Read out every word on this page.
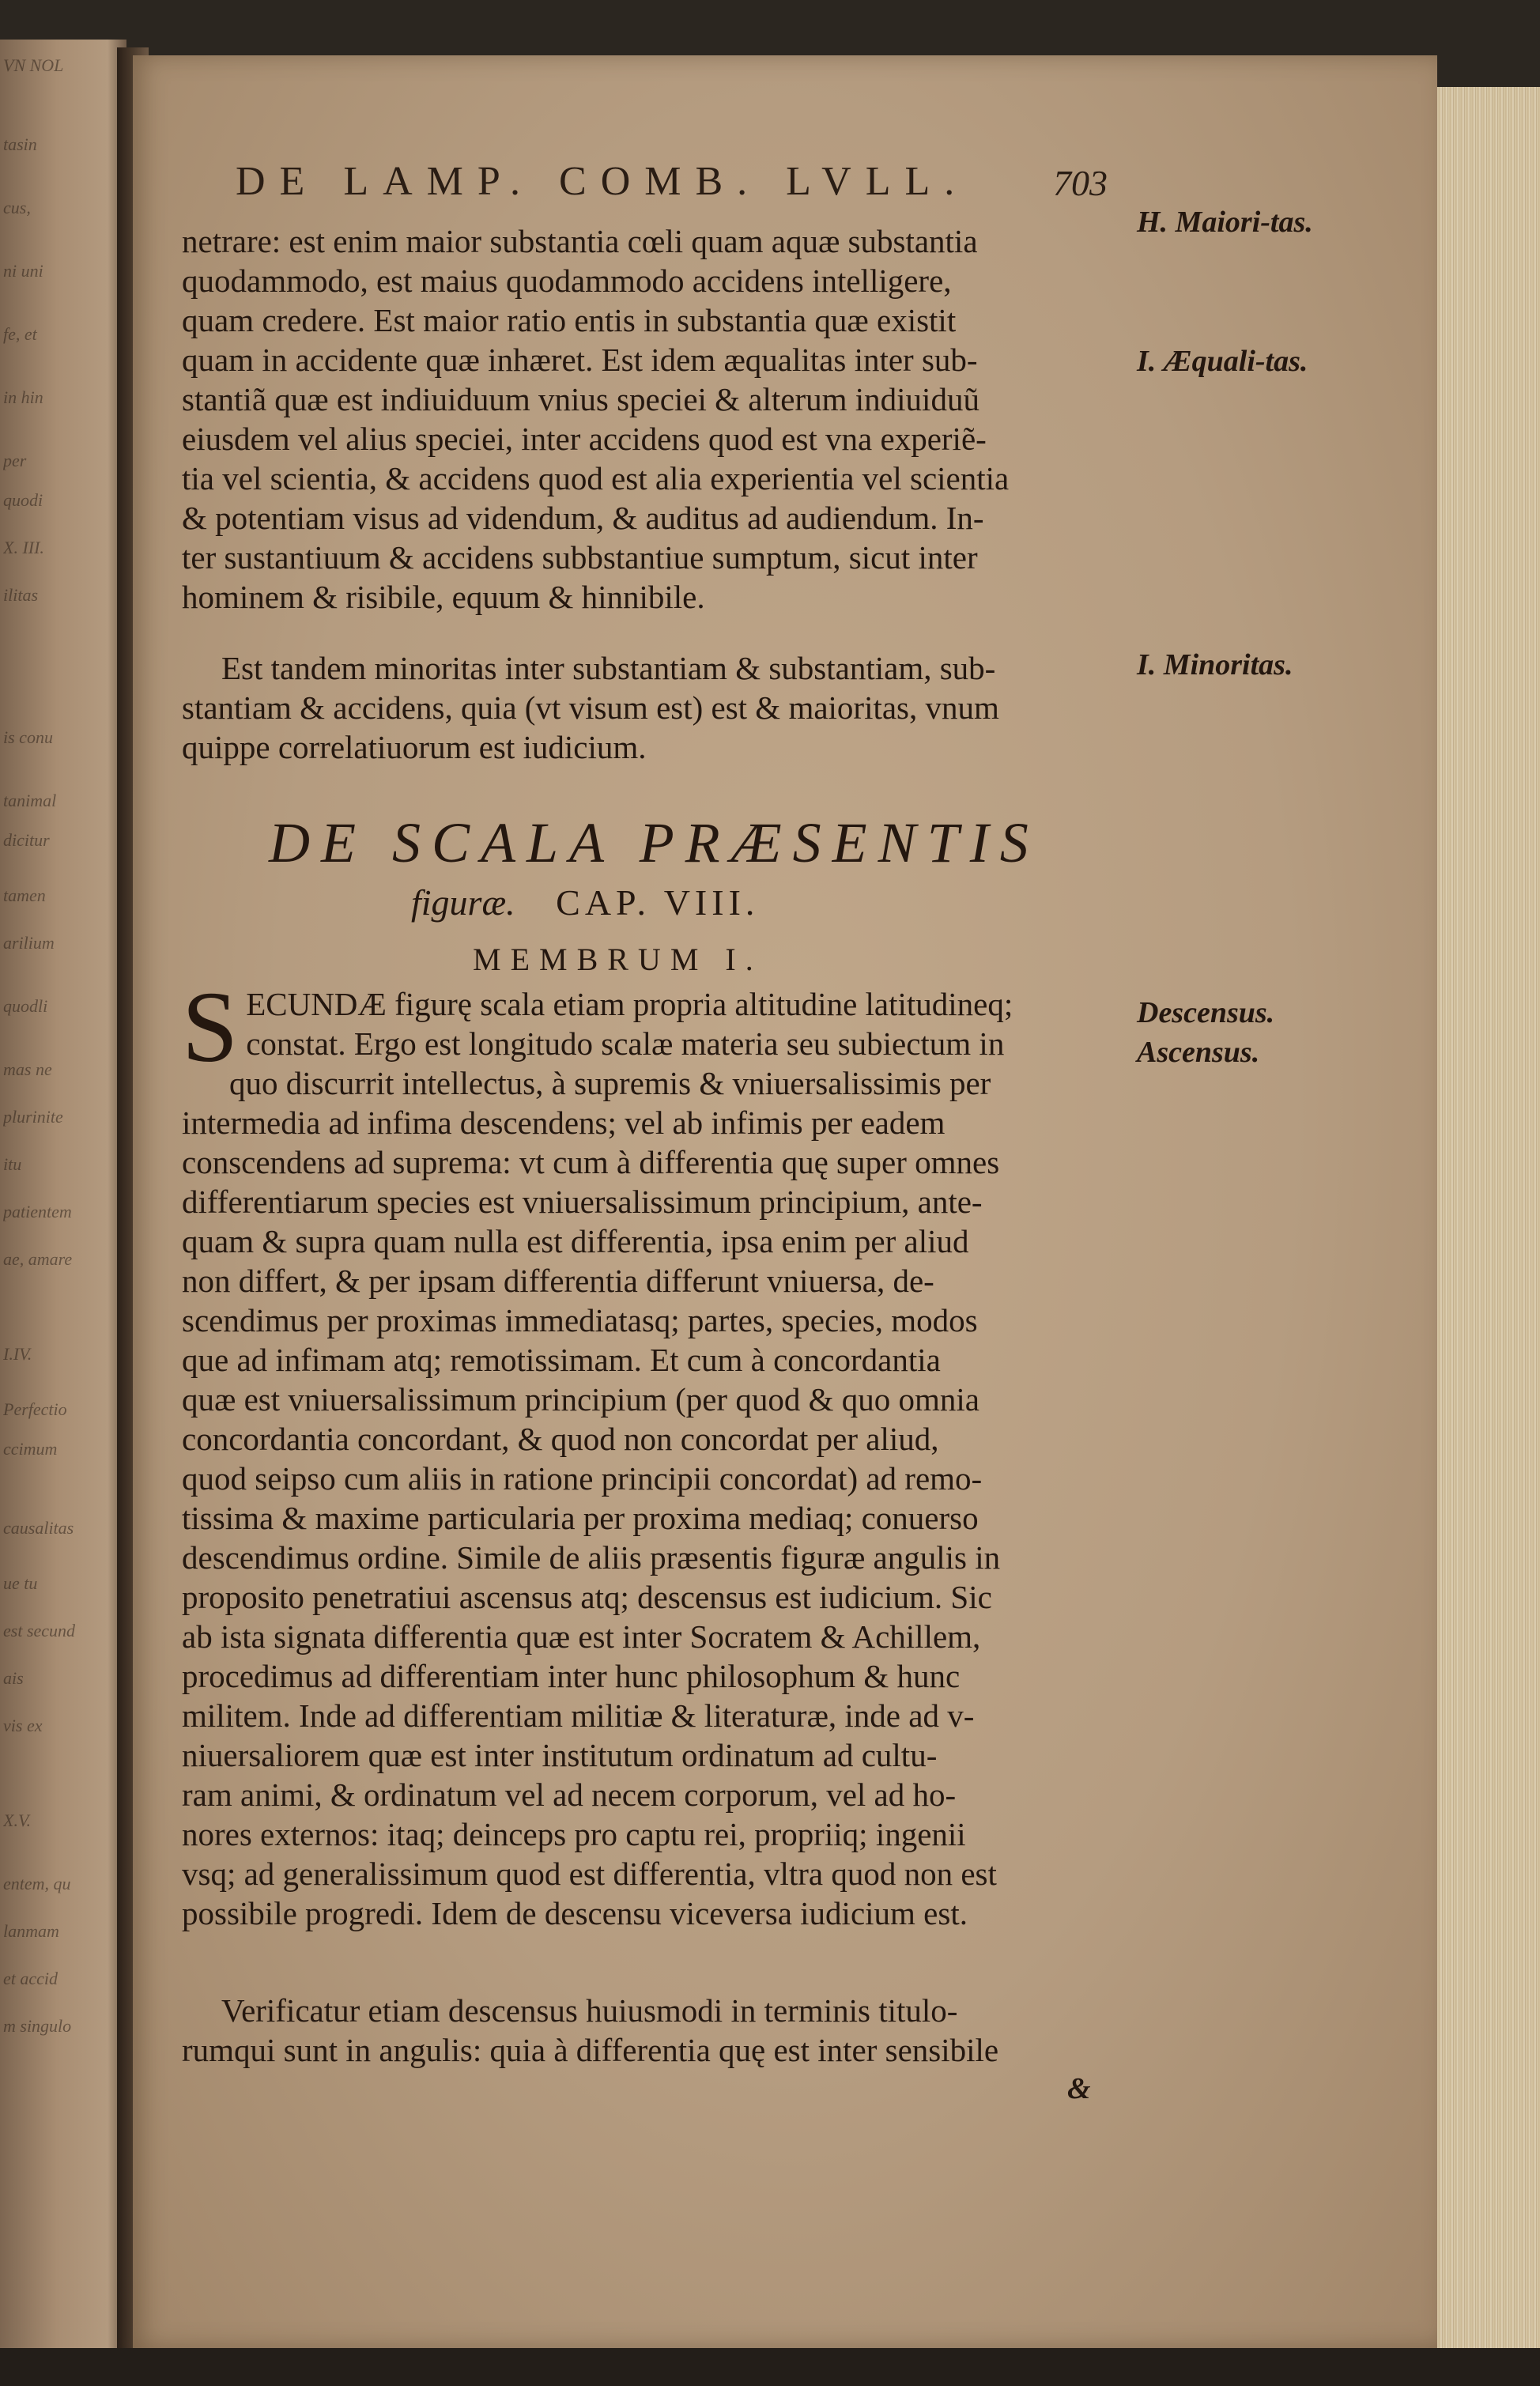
VN NOL
tasin
cus,
ni uni
fe, et
in hin
per
quodi
X. III.
ilitas
is conu
tanimal
dicitur
tamen
arilium
quodli
mas ne
plurinite
itu
patientem
ae, amare
I.IV.
Perfectio
ccimum
causalitas
ue tu
est secund
ais
vis ex
X.V.
entem, qu
lanmam
et accid
m singulo
DE LAMP. COMB. LVLL.	703

netrare: est enim maior substantia cœli quam aquæ substantia

quodammodo, est maius quodammodo accidens intelligere,

quam credere. Est maior ratio entis in substantia quæ existit

quam in accidente quæ inhæret. Est idem æqualitas inter sub-

stantiã quæ est indiuiduum vnius speciei & alterum indiuiduũ

eiusdem vel alius speciei, inter accidens quod est vna experiẽ-

tia vel scientia, & accidens quod est alia experientia vel scientia

& potentiam visus ad videndum, & auditus ad audiendum. In-

ter sustantiuum & accidens subbstantiue sumptum, sicut inter

hominem & risibile, equum & hinnibile.

Est tandem minoritas inter substantiam & substantiam, sub-

stantiam & accidens, quia (vt visum est) est & maioritas, vnum

quippe correlatiuorum est iudicium.

DE SCALA PRÆSENTIS
figuræ. CAP. VIII.
MEMBRUM I.
S ECUNDÆ figurę scala etiam propria altitudine latitudineq;

constat. Ergo est longitudo scalæ materia seu subiectum in

quo discurrit intellectus, à supremis & vniuersalissimis per

intermedia ad infima descendens; vel ab infimis per eadem

conscendens ad suprema: vt cum à differentia quę super omnes

differentiarum species est vniuersalissimum principium, ante-

quam & supra quam nulla est differentia, ipsa enim per aliud

non differt, & per ipsam differentia differunt vniuersa, de-

scendimus per proximas immediatasq; partes, species, modos

que ad infimam atq; remotissimam. Et cum à concordantia

quæ est vniuersalissimum principium (per quod & quo omnia

concordantia concordant, & quod non concordat per aliud,

quod seipso cum aliis in ratione principii concordat) ad remo-

tissima & maxime particularia per proxima mediaq; conuerso

descendimus ordine. Simile de aliis præsentis figuræ angulis in

proposito penetratiui ascensus atq; descensus est iudicium. Sic

ab ista signata differentia quæ est inter Socratem & Achillem,

procedimus ad differentiam inter hunc philosophum & hunc

militem. Inde ad differentiam militiæ & literaturæ, inde ad v-

niuersaliorem quæ est inter institutum ordinatum ad cultu-

ram animi, & ordinatum vel ad necem corporum, vel ad ho-

nores externos: itaq; deinceps pro captu rei, propriiq; ingenii

vsq; ad generalissimum quod est differentia, vltra quod non est

possibile progredi. Idem de descensu viceversa iudicium est.

Verificatur etiam descensus huiusmodi in terminis titulo-

rumqui sunt in angulis: quia à differentia quę est inter sensibile

&
H. Maiori-tas.
I. Æquali-tas.
I. Minoritas.
Descensus.
Ascensus.
